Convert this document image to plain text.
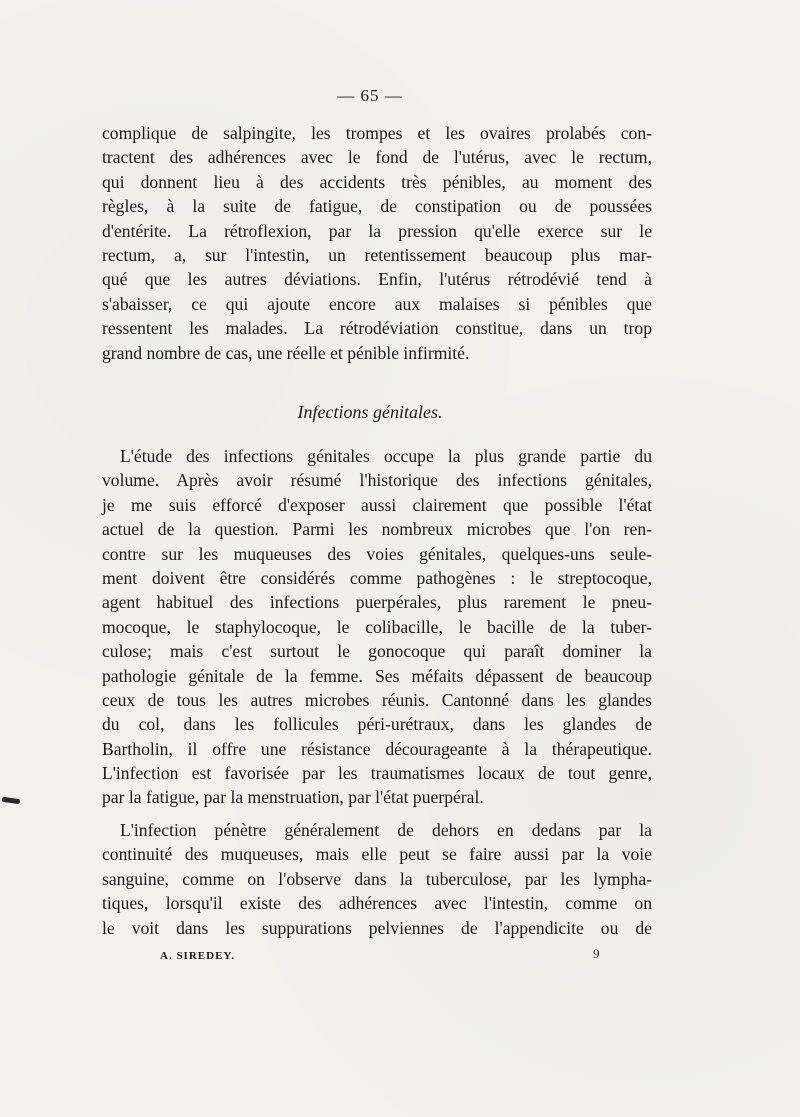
— 65 —
complique de salpingite, les trompes et les ovaires prolabés con-
tractent des adhérences avec le fond de l'utérus, avec le rectum,
qui donnent lieu à des accidents très pénibles, au moment des
règles, à la suite de fatigue, de constipation ou de poussées
d'entérite. La rétroflexion, par la pression qu'elle exerce sur le
rectum, a, sur l'intestin, un retentissement beaucoup plus mar-
qué que les autres déviations. Enfin, l'utérus rétrodévié tend à
s'abaisser, ce qui ajoute encore aux malaises si pénibles que
ressentent les malades. La rétrodéviation constitue, dans un trop
grand nombre de cas, une réelle et pénible infirmité.
Infections génitales.
L'étude des infections génitales occupe la plus grande partie du
volume. Après avoir résumé l'historique des infections génitales,
je me suis efforcé d'exposer aussi clairement que possible l'état
actuel de la question. Parmi les nombreux microbes que l'on ren-
contre sur les muqueuses des voies génitales, quelques-uns seule-
ment doivent être considérés comme pathogènes : le streptocoque,
agent habituel des infections puerpérales, plus rarement le pneu-
mocoque, le staphylocoque, le colibacille, le bacille de la tuber-
culose; mais c'est surtout le gonocoque qui paraît dominer la
pathologie génitale de la femme. Ses méfaits dépassent de beaucoup
ceux de tous les autres microbes réunis. Cantonné dans les glandes
du col, dans les follicules péri-urétraux, dans les glandes de
Bartholin, il offre une résistance décourageante à la thérapeutique.
L'infection est favorisée par les traumatismes locaux de tout genre,
par la fatigue, par la menstruation, par l'état puerpéral.
L'infection pénètre généralement de dehors en dedans par la
continuité des muqueuses, mais elle peut se faire aussi par la voie
sanguine, comme on l'observe dans la tuberculose, par les lympha-
tiques, lorsqu'il existe des adhérences avec l'intestin, comme on
le voit dans les suppurations pelviennes de l'appendicite ou de
A. SIREDEY.	9
